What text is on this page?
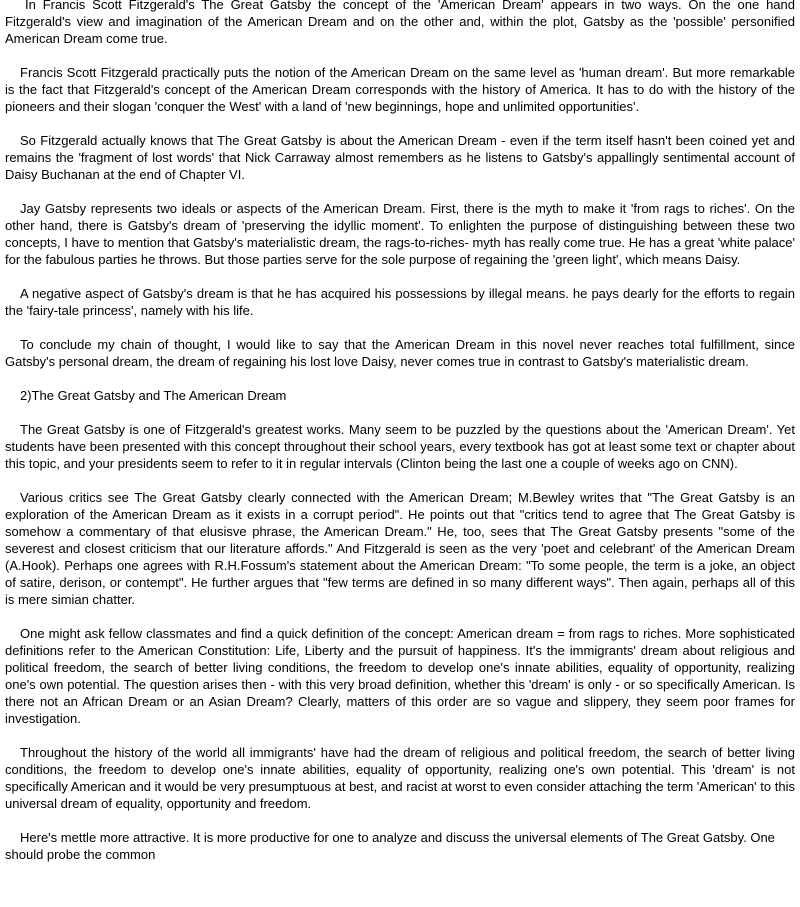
In Francis Scott Fitzgerald's The Great Gatsby the concept of the 'American Dream' appears in two ways. On the one hand Fitzgerald's view and imagination of the American Dream and on the other and, within the plot, Gatsby as the 'possible' personified American Dream come true.

Francis Scott Fitzgerald practically puts the notion of the American Dream on the same level as 'human dream'. But more remarkable is the fact that Fitzgerald's concept of the American Dream corresponds with the history of America. It has to do with the history of the pioneers and their slogan 'conquer the West' with a land of 'new beginnings, hope and unlimited opportunities'.

So Fitzgerald actually knows that The Great Gatsby is about the American Dream - even if the term itself hasn't been coined yet and remains the 'fragment of lost words' that Nick Carraway almost remembers as he listens to Gatsby's appallingly sentimental account of Daisy Buchanan at the end of Chapter VI.

Jay Gatsby represents two ideals or aspects of the American Dream. First, there is the myth to make it 'from rags to riches'. On the other hand, there is Gatsby's dream of 'preserving the idyllic moment'. To enlighten the purpose of distinguishing between these two concepts, I have to mention that Gatsby's materialistic dream, the rags-to-riches- myth has really come true. He has a great 'white palace' for the fabulous parties he throws. But those parties serve for the sole purpose of regaining the 'green light', which means Daisy.

A negative aspect of Gatsby's dream is that he has acquired his possessions by illegal means. he pays dearly for the efforts to regain the 'fairy-tale princess', namely with his life.

To conclude my chain of thought, I would like to say that the American Dream in this novel never reaches total fulfillment, since Gatsby's personal dream, the dream of regaining his lost love Daisy, never comes true in contrast to Gatsby's materialistic dream.

2)The Great Gatsby and The American Dream

The Great Gatsby is one of Fitzgerald's greatest works. Many seem to be puzzled by the questions about the 'American Dream'. Yet students have been presented with this concept throughout their school years, every textbook has got at least some text or chapter about this topic, and your presidents seem to refer to it in regular intervals (Clinton being the last one a couple of weeks ago on CNN).

Various critics see The Great Gatsby clearly connected with the American Dream; M.Bewley writes that "The Great Gatsby is an exploration of the American Dream as it exists in a corrupt period". He points out that "critics tend to agree that The Great Gatsby is somehow a commentary of that elusisve phrase, the American Dream." He, too, sees that The Great Gatsby presents "some of the severest and closest criticism that our literature affords." And Fitzgerald is seen as the very 'poet and celebrant' of the American Dream (A.Hook). Perhaps one agrees with R.H.Fossum's statement about the American Dream: "To some people, the term is a joke, an object of satire, derison, or contempt". He further argues that "few terms are defined in so many different ways". Then again, perhaps all of this is mere simian chatter.

One might ask fellow classmates and find a quick definition of the concept: American dream = from rags to riches. More sophisticated definitions refer to the American Constitution: Life, Liberty and the pursuit of happiness. It's the immigrants' dream about religious and political freedom, the search of better living conditions, the freedom to develop one's innate abilities, equality of opportunity, realizing one's own potential. The question arises then - with this very broad definition, whether this 'dream' is only - or so specifically American. Is there not an African Dream or an Asian Dream? Clearly, matters of this order are so vague and slippery, they seem poor frames for investigation.

Throughout the history of the world all immigrants' have had the dream of religious and political freedom, the search of better living conditions, the freedom to develop one's innate abilities, equality of opportunity, realizing one's own potential. This 'dream' is not specifically American and it would be very presumptuous at best, and racist at worst to even consider attaching the term 'American' to this universal dream of equality, opportunity and freedom.

Here's mettle more attractive. It is more productive for one to analyze and discuss the universal elements of The Great Gatsby. One should probe the common
